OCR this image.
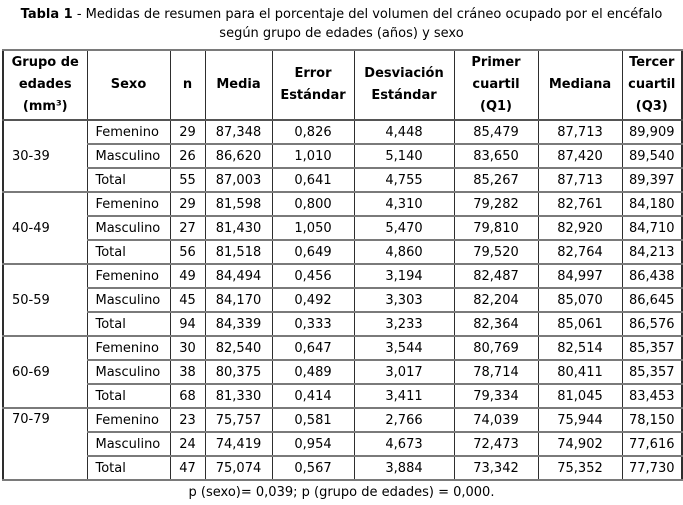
Tabla 1 - Medidas de resumen para el porcentaje del volumen del cráneo ocupado por el encéfalo
según grupo de edades (años) y sexo
Grupo de edades (mm³)	Sexo	n	Media	Error Estándar	Desviación Estándar	Primer cuartil (Q1)	Mediana	Tercer cuartil (Q3)
30-39	Femenino	29	87,348	0,826	4,448	85,479	87,713	89,909
	Masculino	26	86,620	1,010	5,140	83,650	87,420	89,540
	Total	55	87,003	0,641	4,755	85,267	87,713	89,397
40-49	Femenino	29	81,598	0,800	4,310	79,282	82,761	84,180
	Masculino	27	81,430	1,050	5,470	79,810	82,920	84,710
	Total	56	81,518	0,649	4,860	79,520	82,764	84,213
50-59	Femenino	49	84,494	0,456	3,194	82,487	84,997	86,438
	Masculino	45	84,170	0,492	3,303	82,204	85,070	86,645
	Total	94	84,339	0,333	3,233	82,364	85,061	86,576
60-69	Femenino	30	82,540	0,647	3,544	80,769	82,514	85,357
	Masculino	38	80,375	0,489	3,017	78,714	80,411	85,357
	Total	68	81,330	0,414	3,411	79,334	81,045	83,453
70-79	Femenino	23	75,757	0,581	2,766	74,039	75,944	78,150
	Masculino	24	74,419	0,954	4,673	72,473	74,902	77,616
	Total	47	75,074	0,567	3,884	73,342	75,352	77,730
p (sexo)= 0,039; p (grupo de edades) = 0,000.
